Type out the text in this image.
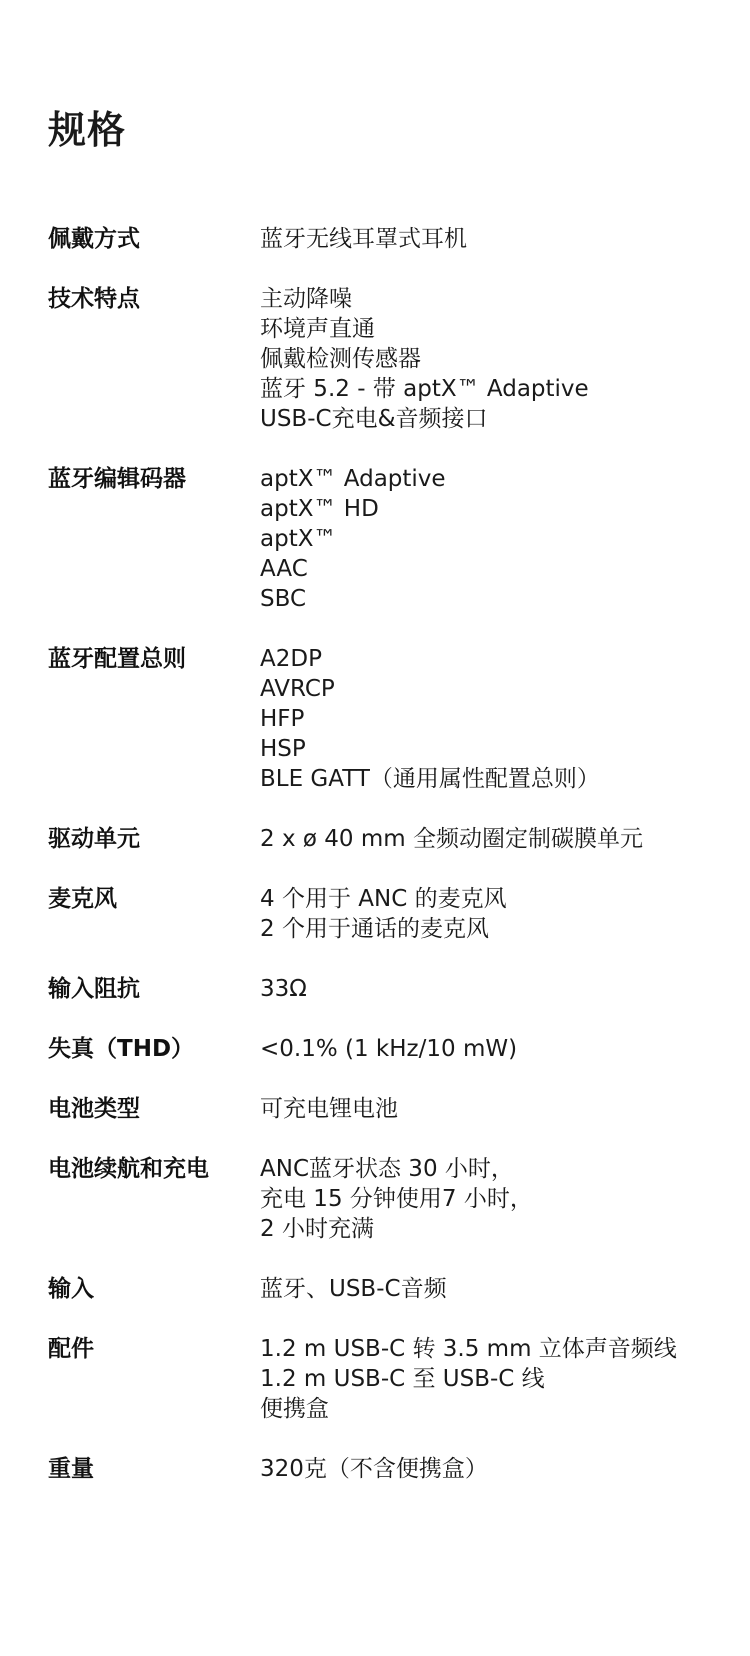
规格
佩戴方式	蓝牙无线耳罩式耳机
技术特点	主动降噪
环境声直通
佩戴检测传感器
蓝牙 5.2 - 带 aptX™ Adaptive
USB-C充电&音频接口
蓝牙编辑码器	aptX™ Adaptive
aptX™ HD
aptX™
AAC
SBC
蓝牙配置总则	A2DP
AVRCP
HFP
HSP
BLE GATT（通用属性配置总则）
驱动单元	2 x ø 40 mm 全频动圈定制碳膜单元
麦克风	4 个用于 ANC 的麦克风
2 个用于通话的麦克风
输入阻抗	33Ω
失真（THD）	<0.1% (1 kHz/10 mW)
电池类型	可充电锂电池
电池续航和充电	ANC蓝牙状态 30 小时，
充电 15 分钟使用7 小时，
2 小时充满
输入	蓝牙、USB-C音频
配件	1.2 m USB-C 转 3.5 mm 立体声音频线
1.2 m USB-C 至 USB-C 线
便携盒
重量	320克（不含便携盒）
